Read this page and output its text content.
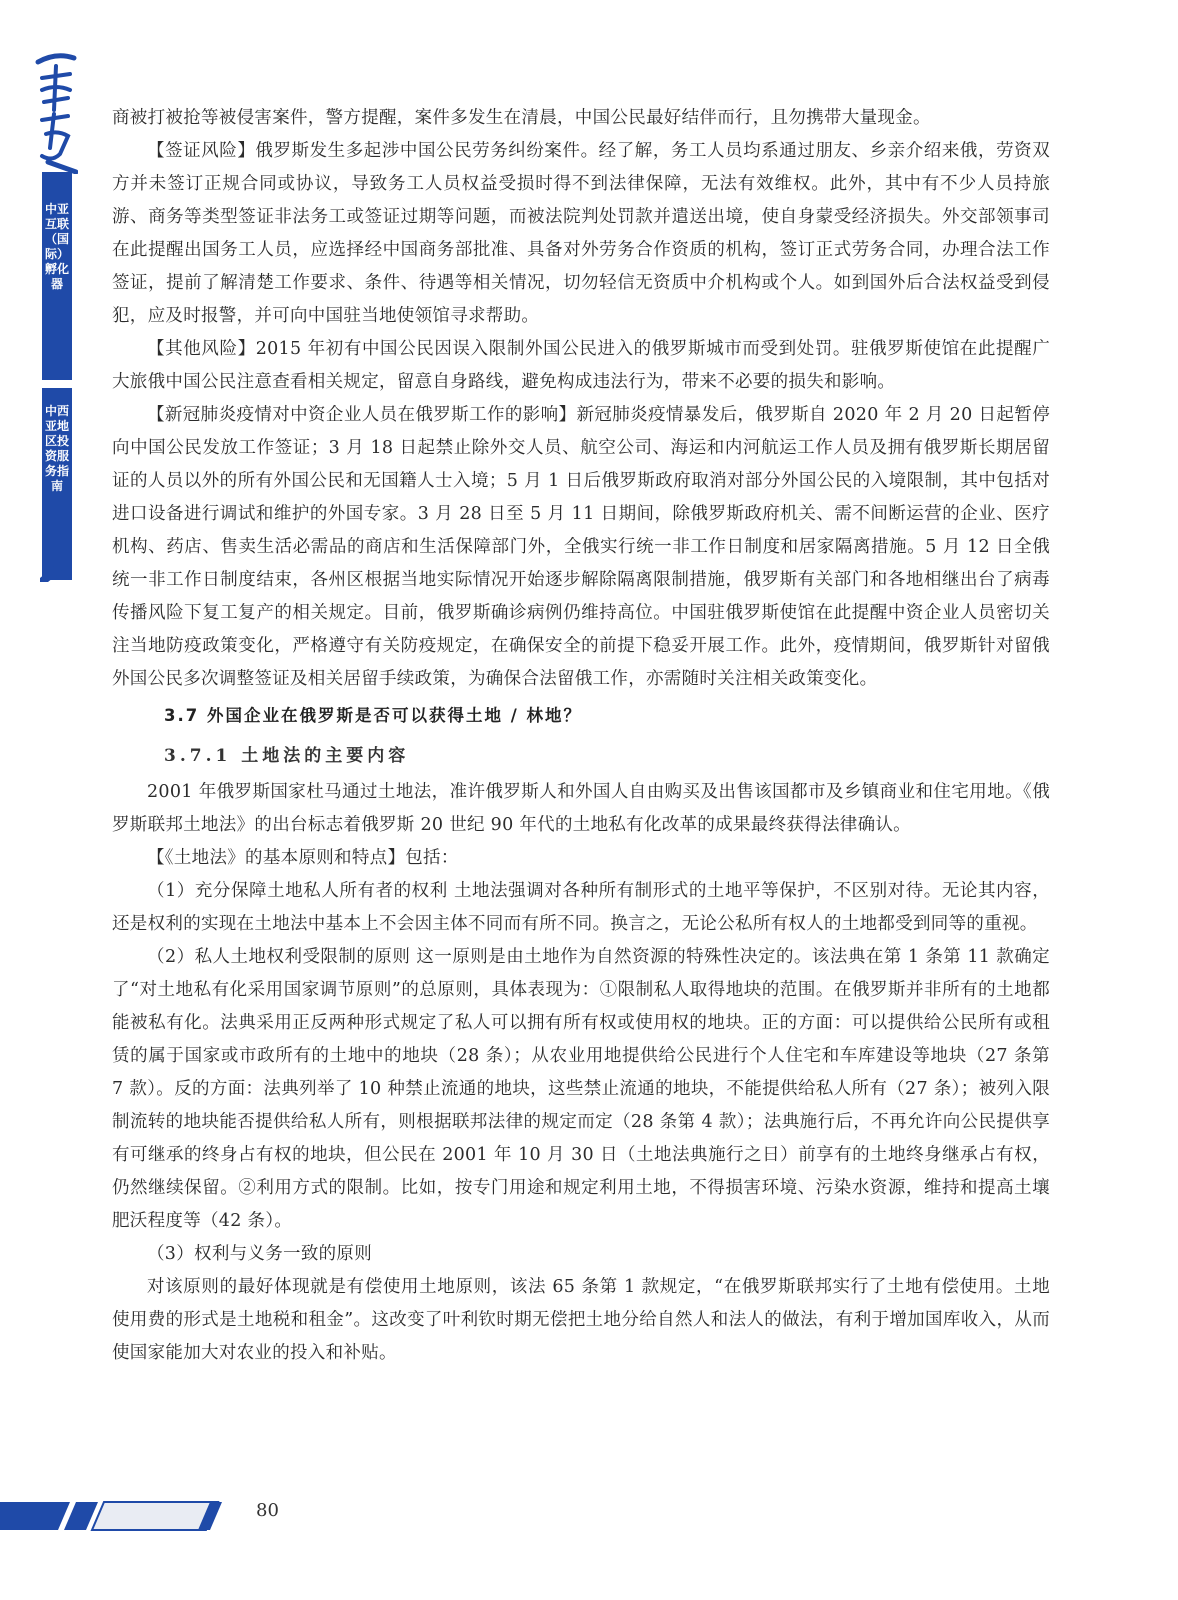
中亚互联（国际）孵化器
中西亚地区投资服务指南

商被打被抢等被侵害案件，警方提醒，案件多发生在清晨，中国公民最好结伴而行，且勿携带大量现金。

【签证风险】俄罗斯发生多起涉中国公民劳务纠纷案件。经了解，务工人员均系通过朋友、乡亲介绍来俄，劳资双方并未签订正规合同或协议，导致务工人员权益受损时得不到法律保障，无法有效维权。此外，其中有不少人员持旅游、商务等类型签证非法务工或签证过期等问题，而被法院判处罚款并遣送出境，使自身蒙受经济损失。外交部领事司在此提醒出国务工人员，应选择经中国商务部批准、具备对外劳务合作资质的机构，签订正式劳务合同，办理合法工作签证，提前了解清楚工作要求、条件、待遇等相关情况，切勿轻信无资质中介机构或个人。如到国外后合法权益受到侵犯，应及时报警，并可向中国驻当地使领馆寻求帮助。

【其他风险】2015 年初有中国公民因误入限制外国公民进入的俄罗斯城市而受到处罚。驻俄罗斯使馆在此提醒广大旅俄中国公民注意查看相关规定，留意自身路线，避免构成违法行为，带来不必要的损失和影响。

【新冠肺炎疫情对中资企业人员在俄罗斯工作的影响】新冠肺炎疫情暴发后，俄罗斯自 2020 年 2 月 20 日起暂停向中国公民发放工作签证；3 月 18 日起禁止除外交人员、航空公司、海运和内河航运工作人员及拥有俄罗斯长期居留证的人员以外的所有外国公民和无国籍人士入境；5 月 1 日后俄罗斯政府取消对部分外国公民的入境限制，其中包括对进口设备进行调试和维护的外国专家。3 月 28 日至 5 月 11 日期间，除俄罗斯政府机关、需不间断运营的企业、医疗机构、药店、售卖生活必需品的商店和生活保障部门外，全俄实行统一非工作日制度和居家隔离措施。5 月 12 日全俄统一非工作日制度结束，各州区根据当地实际情况开始逐步解除隔离限制措施，俄罗斯有关部门和各地相继出台了病毒传播风险下复工复产的相关规定。目前，俄罗斯确诊病例仍维持高位。中国驻俄罗斯使馆在此提醒中资企业人员密切关注当地防疫政策变化，严格遵守有关防疫规定，在确保安全的前提下稳妥开展工作。此外，疫情期间，俄罗斯针对留俄外国公民多次调整签证及相关居留手续政策，为确保合法留俄工作，亦需随时关注相关政策变化。

3.7 外国企业在俄罗斯是否可以获得土地 / 林地？
3.7.1 土地法的主要内容

2001 年俄罗斯国家杜马通过土地法，准许俄罗斯人和外国人自由购买及出售该国都市及乡镇商业和住宅用地。《俄罗斯联邦土地法》的出台标志着俄罗斯 20 世纪 90 年代的土地私有化改革的成果最终获得法律确认。

【《土地法》的基本原则和特点】包括：

（1）充分保障土地私人所有者的权利 土地法强调对各种所有制形式的土地平等保护，不区别对待。无论其内容，还是权利的实现在土地法中基本上不会因主体不同而有所不同。换言之，无论公私所有权人的土地都受到同等的重视。

（2）私人土地权利受限制的原则 这一原则是由土地作为自然资源的特殊性决定的。该法典在第 1 条第 11 款确定了“对土地私有化采用国家调节原则”的总原则，具体表现为：①限制私人取得地块的范围。在俄罗斯并非所有的土地都能被私有化。法典采用正反两种形式规定了私人可以拥有所有权或使用权的地块。正的方面：可以提供给公民所有或租赁的属于国家或市政所有的土地中的地块（28 条）；从农业用地提供给公民进行个人住宅和车库建设等地块（27 条第 7 款）。反的方面：法典列举了 10 种禁止流通的地块，这些禁止流通的地块，不能提供给私人所有（27 条）；被列入限制流转的地块能否提供给私人所有，则根据联邦法律的规定而定（28 条第 4 款）；法典施行后，不再允许向公民提供享有可继承的终身占有权的地块，但公民在 2001 年 10 月 30 日（土地法典施行之日）前享有的土地终身继承占有权，仍然继续保留。②利用方式的限制。比如，按专门用途和规定利用土地，不得损害环境、污染水资源，维持和提高土壤肥沃程度等（42 条）。

（3）权利与义务一致的原则

对该原则的最好体现就是有偿使用土地原则，该法 65 条第 1 款规定，“在俄罗斯联邦实行了土地有偿使用。土地使用费的形式是土地税和租金”。这改变了叶利钦时期无偿把土地分给自然人和法人的做法，有利于增加国库收入，从而使国家能加大对农业的投入和补贴。

80
